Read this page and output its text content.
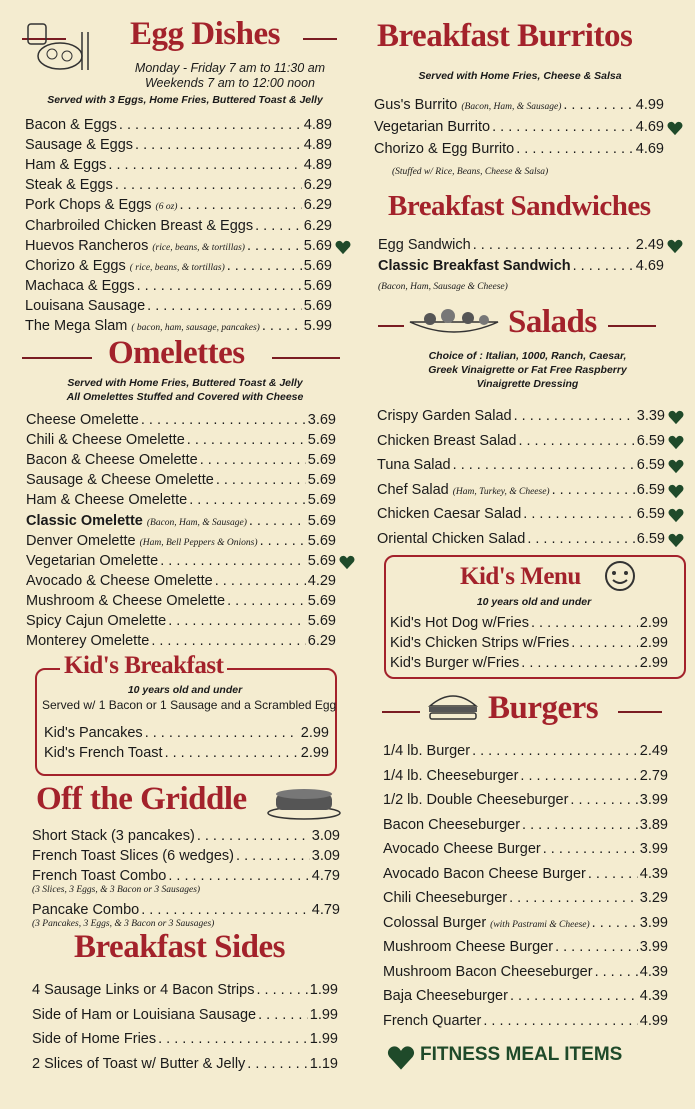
Egg Dishes
Monday - Friday 7 am to 11:30 am
Weekends 7 am to 12:00 noon
Served with 3 Eggs, Home Fries, Buttered Toast & Jelly
Bacon & Eggs . . .	4.89
Sausage & Eggs . . .	4.89
Ham & Eggs . . .	4.89
Steak & Eggs . . .	6.29
Pork Chops & Eggs (6 oz) . . .	6.29
Charbroiled Chicken Breast & Eggs . . .	6.29
Huevos Rancheros (rice, beans, & tortillas) . . .	5.69
Chorizo & Eggs ( rice, beans, & tortillas) . . .	5.69
Machaca & Eggs . . .	5.69
Louisana Sausage . . .	5.69
The Mega Slam ( bacon, ham, sausage, pancakes) . . .	5.99
Omelettes
Served with Home Fries, Buttered Toast & Jelly
All Omelettes Stuffed and Covered with Cheese
Cheese Omelette . . .	3.69
Chili & Cheese Omelette . . .	5.69
Bacon & Cheese Omelette . . .	5.69
Sausage & Cheese Omelette . . .	5.69
Ham & Cheese Omelette . . .	5.69
Classic Omelette (Bacon, Ham, & Sausage) . . .	5.69
Denver Omelette (Ham, Bell Peppers & Onions) . . .	5.69
Vegetarian Omelette . . .	5.69
Avocado & Cheese Omelette . . .	4.29
Mushroom & Cheese Omelette . . .	5.69
Spicy Cajun Omelette . . .	5.69
Monterey Omelette . . .	6.29
Kid's Breakfast
10 years old and under
Served w/ 1 Bacon or 1 Sausage and a Scrambled Egg
Kid's Pancakes . . .	2.99
Kid's French Toast . . .	2.99
Off the Griddle
Short Stack (3 pancakes) . . .	3.09
French Toast Slices (6 wedges) . . .	3.09
French Toast Combo . . .	4.79
(3 Slices, 3 Eggs, & 3 Bacon or 3 Sausages)
Pancake Combo . . .	4.79
(3 Pancakes, 3 Eggs, & 3 Bacon or 3 Sausages)
Breakfast Sides
4 Sausage Links or 4 Bacon Strips . . .	1.99
Side of Ham or Louisiana Sausage . . .	1.99
Side of Home Fries . . .	1.99
2 Slices of Toast w/ Butter & Jelly . . .	1.19
Breakfast Burritos
Served with Home Fries, Cheese & Salsa
Gus's Burrito (Bacon, Ham, & Sausage) . . .	4.99
Vegetarian Burrito . . .	4.69
Chorizo & Egg Burrito . . .	4.69
(Stuffed w/ Rice, Beans, Cheese & Salsa)
Breakfast Sandwiches
Egg Sandwich . . .	2.49
Classic Breakfast Sandwich . . .	4.69
(Bacon, Ham, Sausage & Cheese)
Salads
Choice of : Italian, 1000, Ranch, Caesar,
Greek Vinaigrette or Fat Free Raspberry
Vinaigrette Dressing
Crispy Garden Salad . . .	3.39
Chicken Breast Salad . . .	6.59
Tuna Salad . . .	6.59
Chef Salad (Ham, Turkey, & Cheese) . . .	6.59
Chicken Caesar Salad . . .	6.59
Oriental Chicken Salad . . .	6.59
Kid's Menu
10 years old and under
Kid's Hot Dog w/Fries . . .	2.99
Kid's Chicken Strips w/Fries . . .	2.99
Kid's Burger w/Fries . . .	2.99
Burgers
1/4 lb. Burger . . .	2.49
1/4 lb. Cheeseburger . . .	2.79
1/2 lb. Double Cheeseburger . . .	3.99
Bacon Cheeseburger . . .	3.89
Avocado Cheese Burger . . .	3.99
Avocado Bacon Cheese Burger . . .	4.39
Chili Cheeseburger . . .	3.29
Colossal Burger (with Pastrami & Cheese) . . .	3.99
Mushroom Cheese Burger . . .	3.99
Mushroom Bacon Cheeseburger . . .	4.39
Baja Cheeseburger . . .	4.39
French Quarter . . .	4.99
FITNESS MEAL ITEMS
